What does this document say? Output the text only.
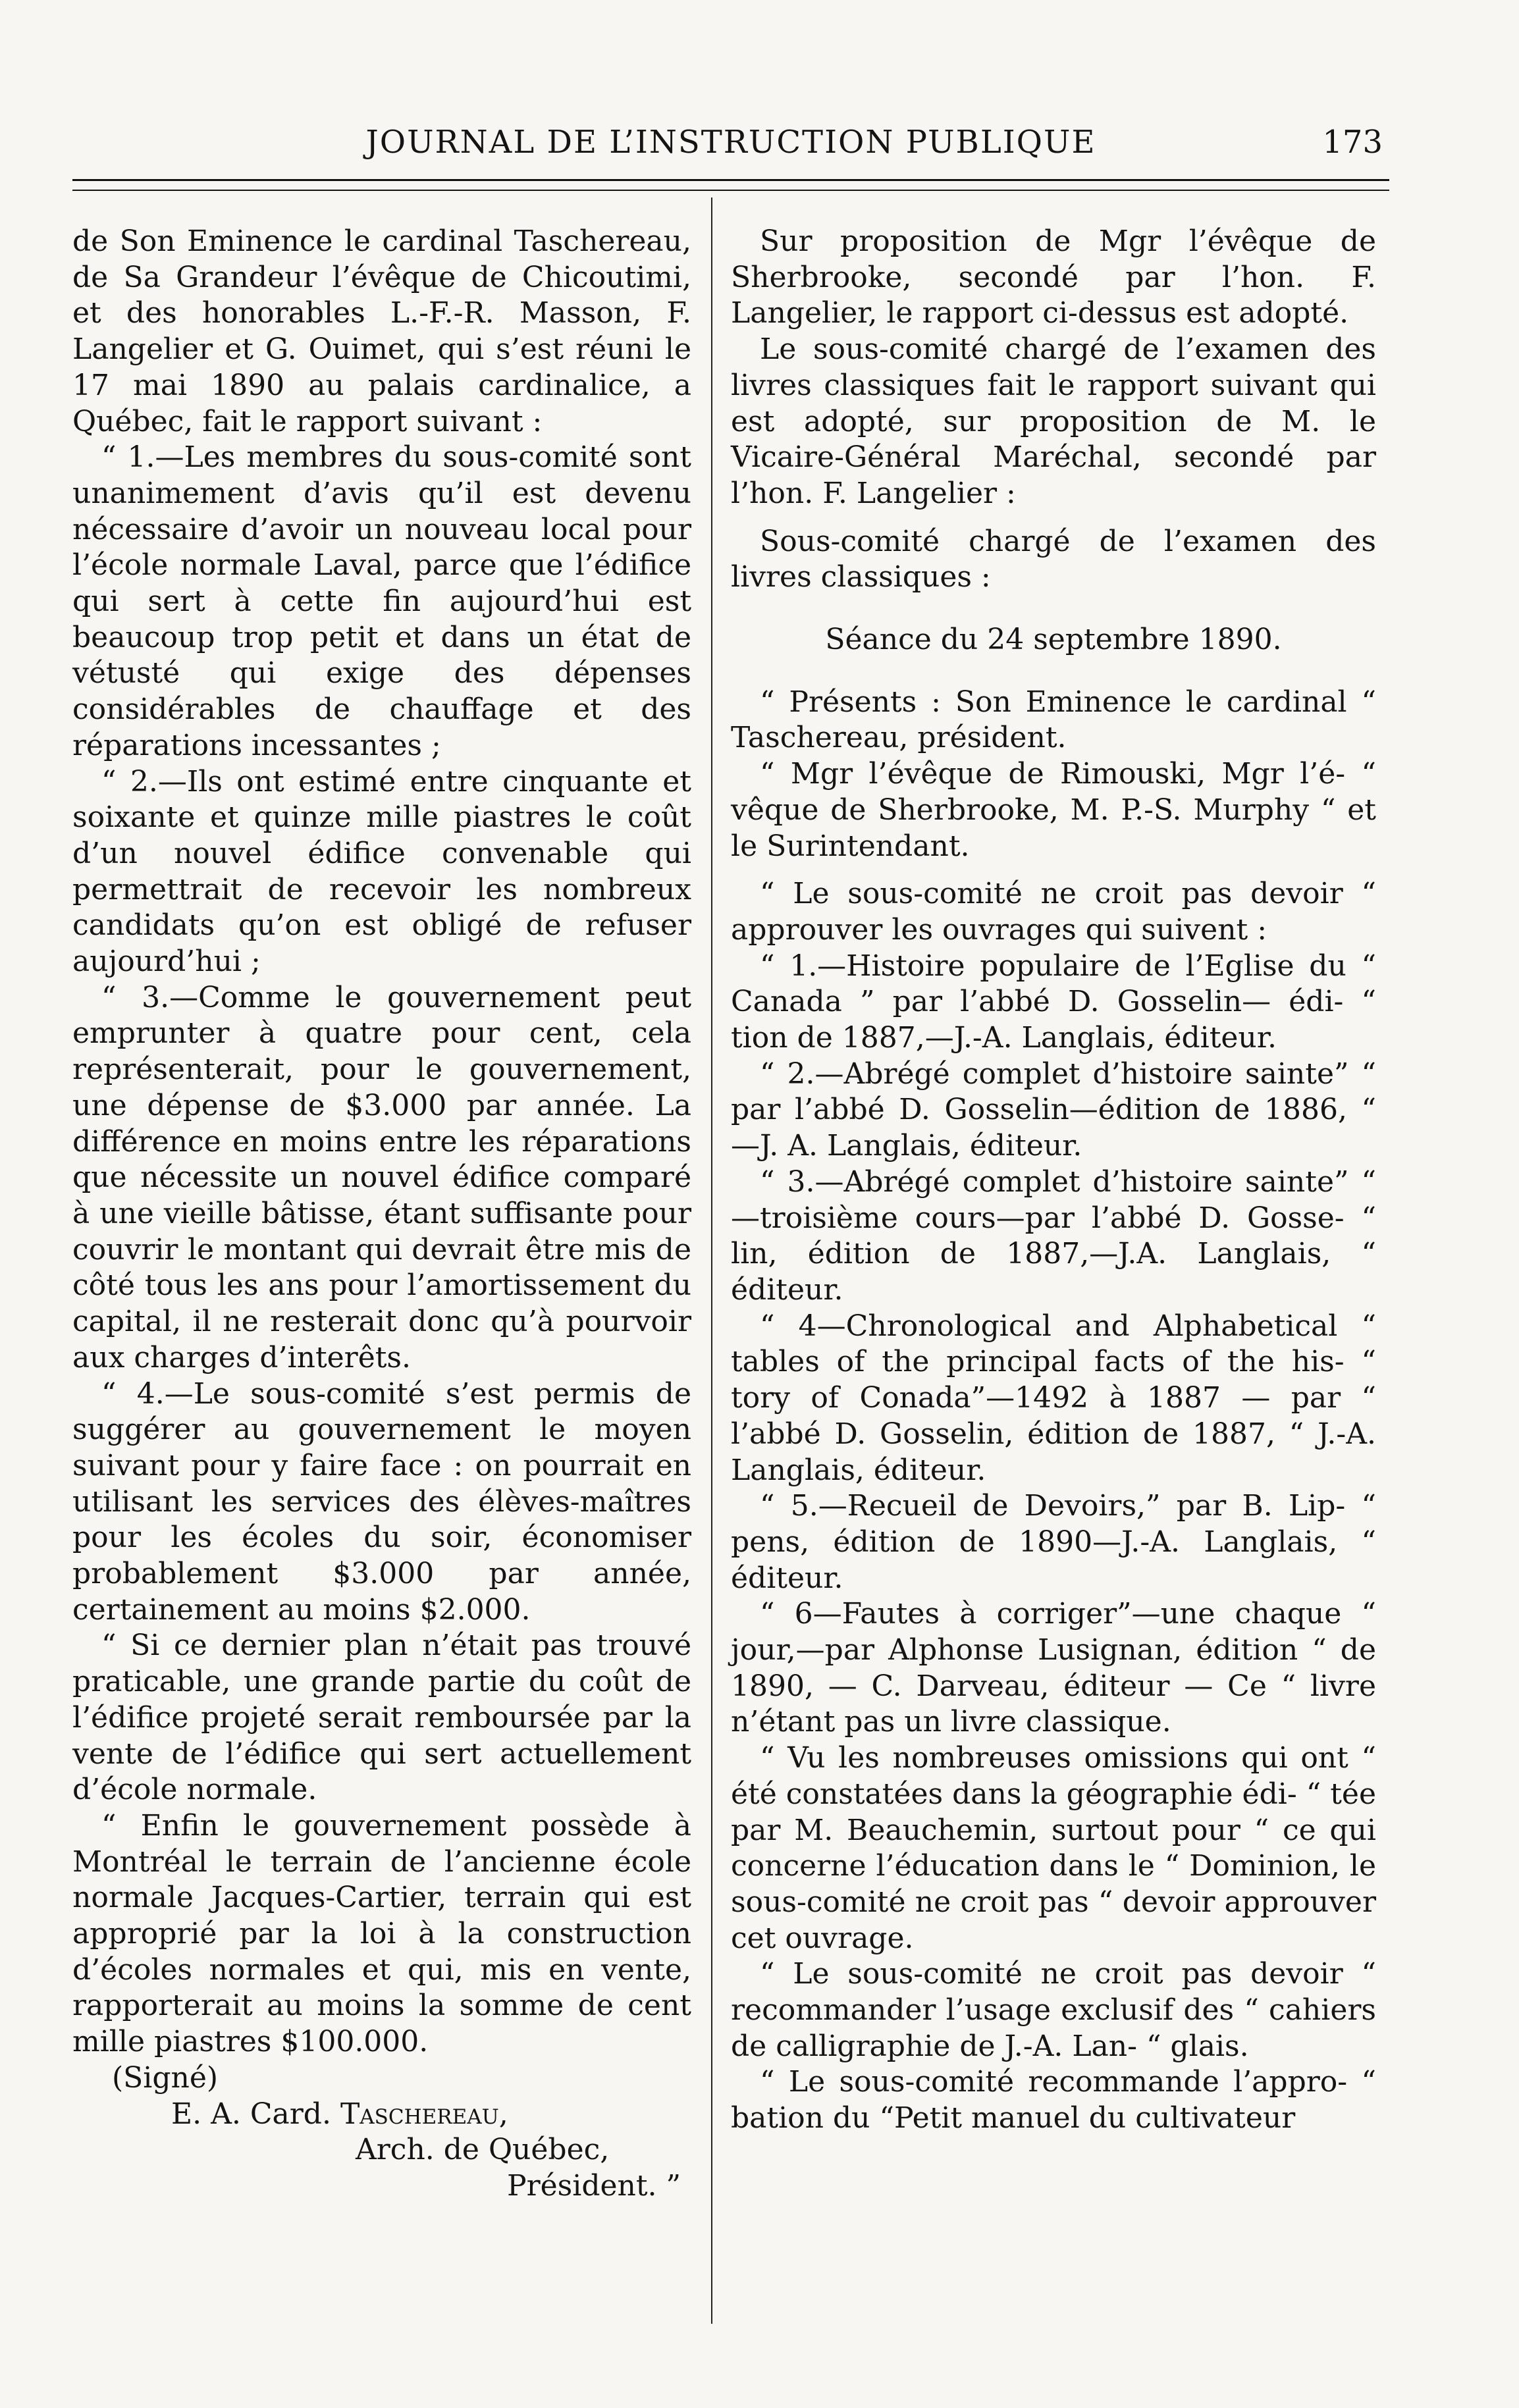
JOURNAL DE L’INSTRUCTION PUBLIQUE	173

de Son Eminence le cardinal Taschereau, de Sa Grandeur l’évêque de Chicoutimi, et des honorables L.-F.-R. Masson, F. Langelier et G. Ouimet, qui s’est réuni le 17 mai 1890 au palais cardinalice, a Québec, fait le rapport suivant :

“ 1.—Les membres du sous-comité sont unanimement d’avis qu’il est devenu nécessaire d’avoir un nouveau local pour l’école normale Laval, parce que l’édifice qui sert à cette fin aujourd’hui est beaucoup trop petit et dans un état de vétusté qui exige des dépenses considérables de chauffage et des réparations incessantes ;

“ 2.—Ils ont estimé entre cinquante et soixante et quinze mille piastres le coût d’un nouvel édifice convenable qui permettrait de recevoir les nombreux candidats qu’on est obligé de refuser aujourd’hui ;

“ 3.—Comme le gouvernement peut emprunter à quatre pour cent, cela représenterait, pour le gouvernement, une dépense de $3.000 par année. La différence en moins entre les réparations que nécessite un nouvel édifice comparé à une vieille bâtisse, étant suffisante pour couvrir le montant qui devrait être mis de côté tous les ans pour l’amortissement du capital, il ne resterait donc qu’à pourvoir aux charges d’interêts.

“ 4.—Le sous-comité s’est permis de suggérer au gouvernement le moyen suivant pour y faire face : on pourrait en utilisant les services des élèves-maîtres pour les écoles du soir, économiser probablement $3.000 par année, certainement au moins $2.000.

“ Si ce dernier plan n’était pas trouvé praticable, une grande partie du coût de l’édifice projeté serait remboursée par la vente de l’édifice qui sert actuellement d’école normale.

“ Enfin le gouvernement possède à Montréal le terrain de l’ancienne école normale Jacques-Cartier, terrain qui est approprié par la loi à la construction d’écoles normales et qui, mis en vente, rapporterait au moins la somme de cent mille piastres $100.000.

(Signé)
E. A. Card. Taschereau,
Arch. de Québec,
Président. ”

Sur proposition de Mgr l’évêque de Sherbrooke, secondé par l’hon. F. Langelier, le rapport ci-dessus est adopté.

Le sous-comité chargé de l’examen des livres classiques fait le rapport suivant qui est adopté, sur proposition de M. le Vicaire-Général Maréchal, secondé par l’hon. F. Langelier :

Sous-comité chargé de l’examen des livres classiques :

Séance du 24 septembre 1890.

“ Présents : Son Eminence le cardinal “ Taschereau, président.

“ Mgr l’évêque de Rimouski, Mgr l’é- “ vêque de Sherbrooke, M. P.-S. Murphy “ et le Surintendant.

“ Le sous-comité ne croit pas devoir “ approuver les ouvrages qui suivent :

“ 1.—Histoire populaire de l’Eglise du “ Canada ” par l’abbé D. Gosselin— édi- “ tion de 1887,—J.-A. Langlais, éditeur.

“ 2.—Abrégé complet d’histoire sainte” “ par l’abbé D. Gosselin—édition de 1886, “ —J. A. Langlais, éditeur.

“ 3.—Abrégé complet d’histoire sainte” “ —troisième cours—par l’abbé D. Gosse- “ lin, édition de 1887,—J.A. Langlais, “ éditeur.

“ 4—Chronological and Alphabetical “ tables of the principal facts of the his- “ tory of Conada”—1492 à 1887 — par “ l’abbé D. Gosselin, édition de 1887, “ J.-A. Langlais, éditeur.

“ 5.—Recueil de Devoirs,” par B. Lip- “ pens, édition de 1890—J.-A. Langlais, “ éditeur.

“ 6—Fautes à corriger”—une chaque “ jour,—par Alphonse Lusignan, édition “ de 1890, — C. Darveau, éditeur — Ce “ livre n’étant pas un livre classique.

“ Vu les nombreuses omissions qui ont “ été constatées dans la géographie édi- “ tée par M. Beauchemin, surtout pour “ ce qui concerne l’éducation dans le “ Dominion, le sous-comité ne croit pas “ devoir approuver cet ouvrage.

“ Le sous-comité ne croit pas devoir “ recommander l’usage exclusif des “ cahiers de calligraphie de J.-A. Lan- “ glais.

“ Le sous-comité recommande l’appro- “ bation du “Petit manuel du cultivateur
